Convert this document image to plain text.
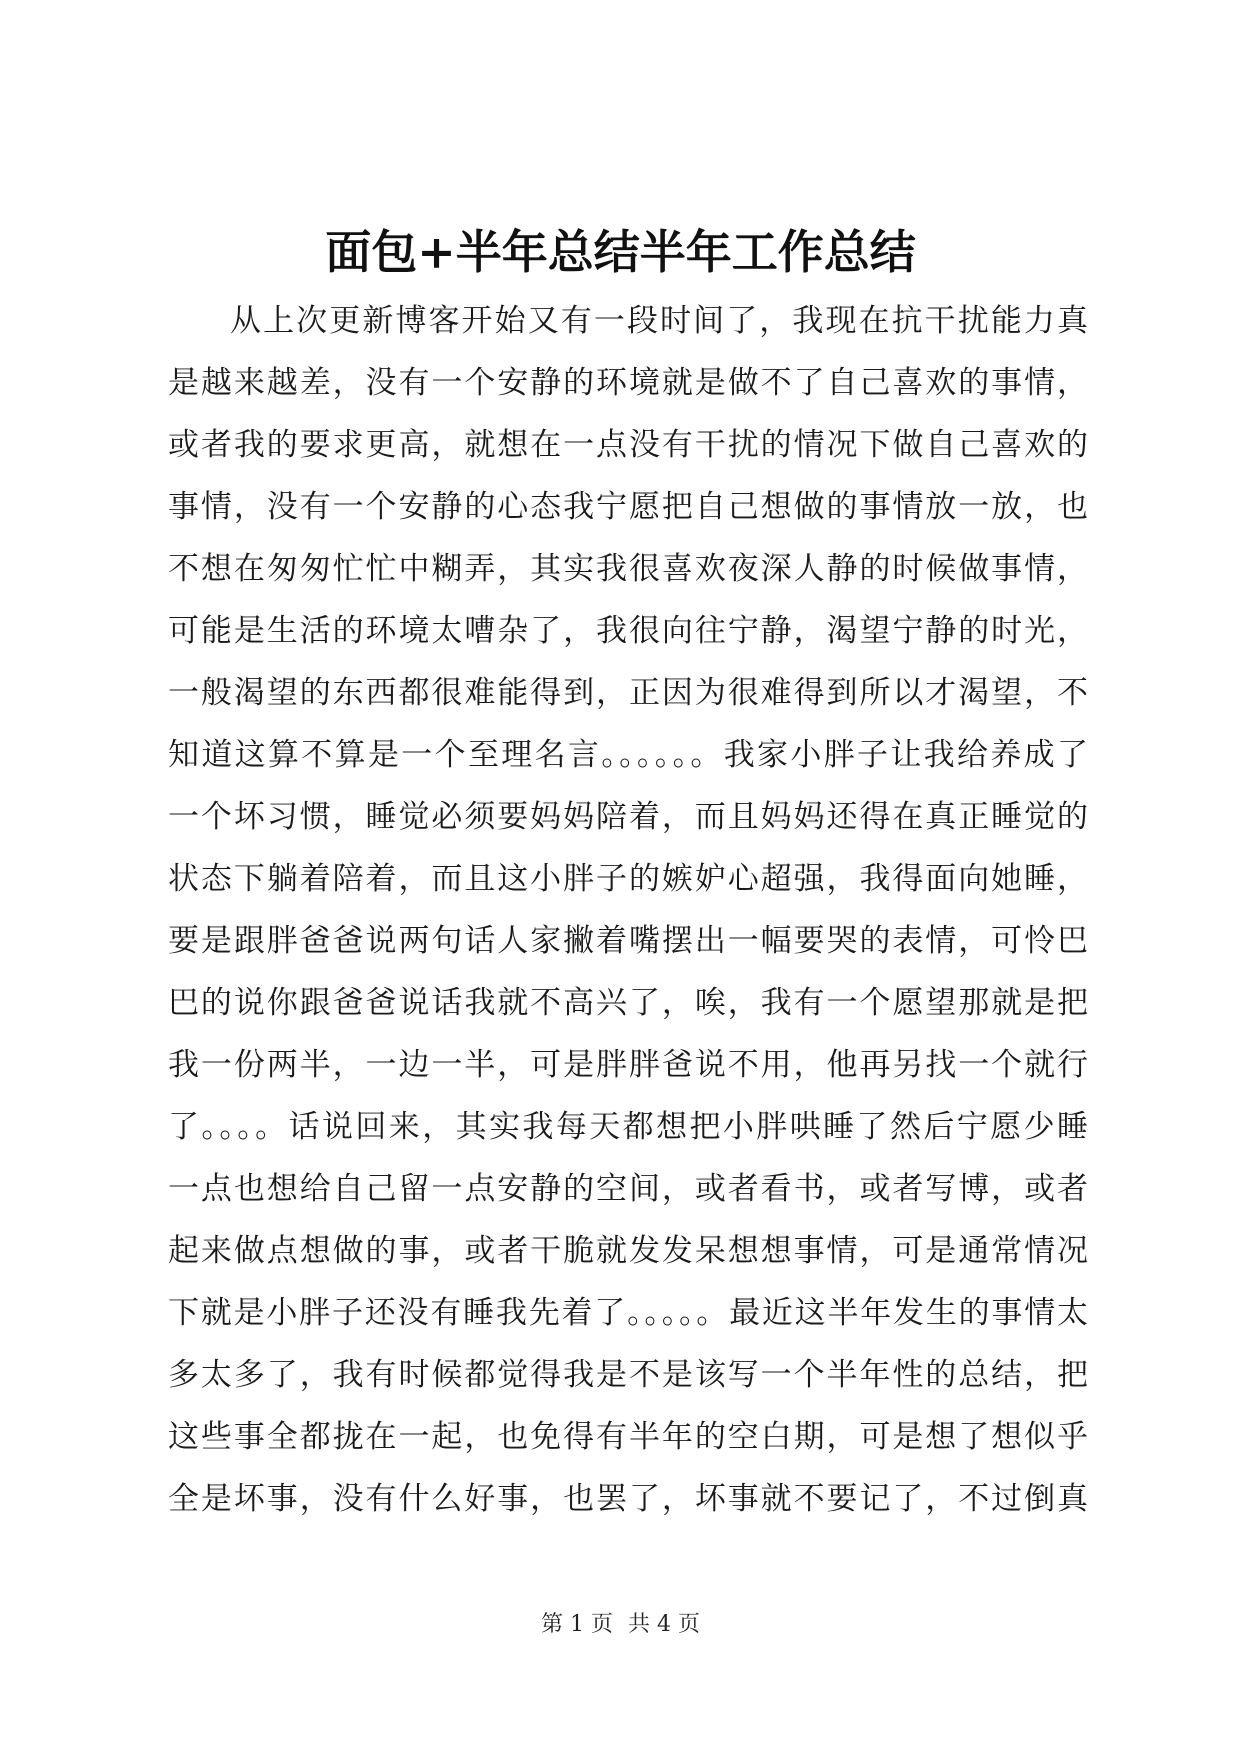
面包+半年总结半年工作总结
从上次更新博客开始又有一段时间了，我现在抗干扰能力真
是越来越差，没有一个安静的环境就是做不了自己喜欢的事情，
或者我的要求更高，就想在一点没有干扰的情况下做自己喜欢的
事情，没有一个安静的心态我宁愿把自己想做的事情放一放，也
不想在匆匆忙忙中糊弄，其实我很喜欢夜深人静的时候做事情，
可能是生活的环境太嘈杂了，我很向往宁静，渴望宁静的时光，
一般渴望的东西都很难能得到，正因为很难得到所以才渴望，不
知道这算不算是一个至理名言。。。。。。我家小胖子让我给养成了
一个坏习惯，睡觉必须要妈妈陪着，而且妈妈还得在真正睡觉的
状态下躺着陪着，而且这小胖子的嫉妒心超强，我得面向她睡，
要是跟胖爸爸说两句话人家撇着嘴摆出一幅要哭的表情，可怜巴
巴的说你跟爸爸说话我就不高兴了，唉，我有一个愿望那就是把
我一份两半，一边一半，可是胖胖爸说不用，他再另找一个就行
了。。。。话说回来，其实我每天都想把小胖哄睡了然后宁愿少睡
一点也想给自己留一点安静的空间，或者看书，或者写博，或者
起来做点想做的事，或者干脆就发发呆想想事情，可是通常情况
下就是小胖子还没有睡我先着了。。。。。最近这半年发生的事情太
多太多了，我有时候都觉得我是不是该写一个半年性的总结，把
这些事全都拢在一起，也免得有半年的空白期，可是想了想似乎
全是坏事，没有什么好事，也罢了，坏事就不要记了，不过倒真
第 1 页 共 4 页
